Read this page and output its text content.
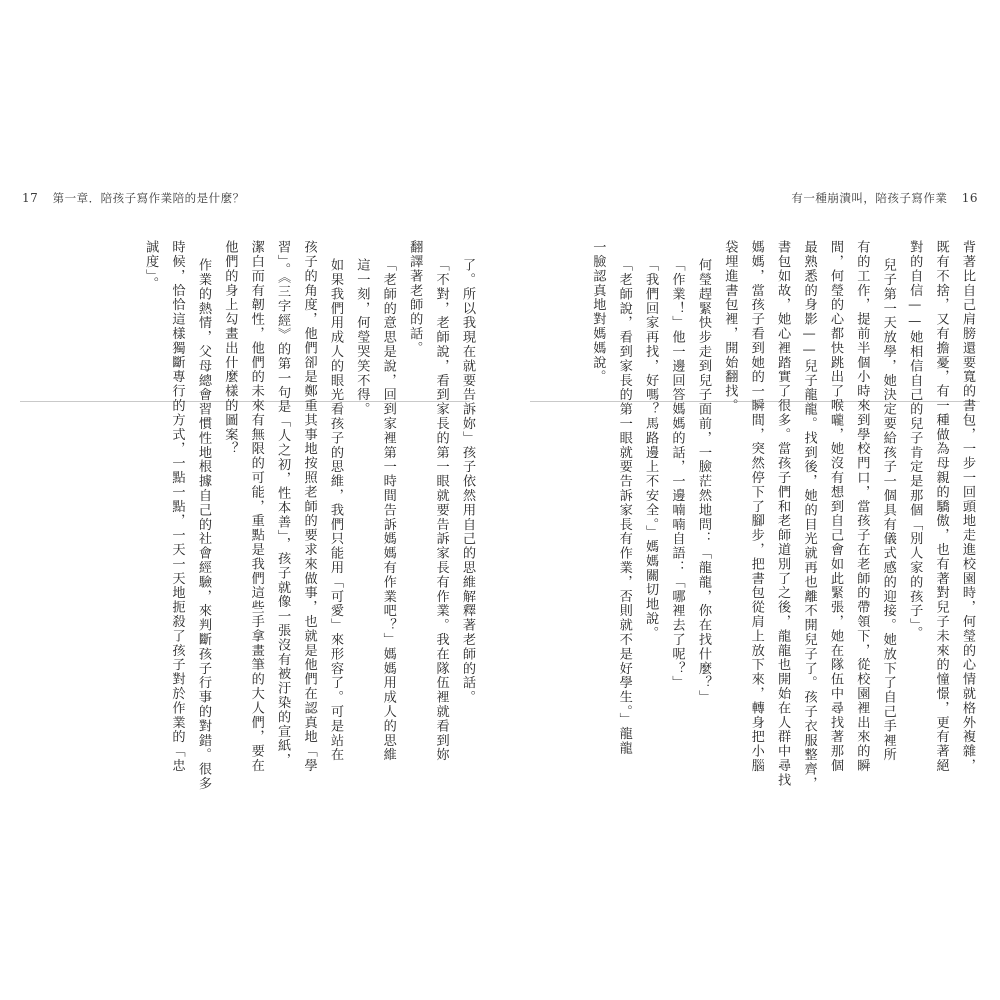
17 第一章．陪孩子寫作業陪的是什麼？	有一種崩潰叫，陪孩子寫作業 16

了。所以我現在就要告訴妳」孩子依然用自己的思維解釋著老師的話。

「不對，老師說，看到家長的第一眼就要告訴家長有作業。我在隊伍裡就看到妳

翻譯著老師的話。

「老師的意思是說，回到家裡第一時間告訴媽媽有作業吧？」媽媽用成人的思維

這一刻，何瑩哭笑不得。

如果我們用成人的眼光看孩子的思維，我們只能用「可愛」來形容了。可是站在

孩子的角度，他們卻是鄭重其事地按照老師的要求來做事，也就是他們在認真地「學

習」。《三字經》的第一句是「人之初，性本善」，孩子就像一張沒有被汙染的宣紙，

潔白而有韌性，他們的未來有無限的可能，重點是我們這些手拿畫筆的大人們，要在

他們的身上勾畫出什麼樣的圖案？

作業的熱情，父母總會習慣性地根據自己的社會經驗，來判斷孩子行事的對錯。很多

時候，恰恰這樣獨斷專行的方式，一點一點，一天一天地扼殺了孩子對於作業的「忠

誠度」。	背著比自己肩膀還要寬的書包，一步一回頭地走進校園時，何瑩的心情就格外複雜，

既有不捨，又有擔憂，有一種做為母親的驕傲，也有著對兒子未來的憧憬，更有著絕

對的自信——她相信自己的兒子肯定是那個「別人家的孩子」。

兒子第一天放學，她決定要給孩子一個具有儀式感的迎接。她放下了自己手裡所

有的工作，提前半個小時來到學校門口，當孩子在老師的帶領下，從校園裡出來的瞬

間，何瑩的心都快跳出了喉嚨，她沒有想到自己會如此緊張，她在隊伍中尋找著那個

最熟悉的身影——兒子龍龍。找到後，她的目光就再也離不開兒子了。孩子衣服整齊，

書包如故，她心裡踏實了很多。當孩子們和老師道別了之後，龍龍也開始在人群中尋找

媽媽，當孩子看到她的一瞬間，突然停下了腳步，把書包從肩上放下來，轉身把小腦

袋埋進書包裡，開始翻找。

何瑩趕緊快步走到兒子面前，一臉茫然地問：「龍龍，你在找什麼？」

「作業！」他一邊回答媽媽的話，一邊喃喃自語：「哪裡去了呢？」

「我們回家再找，好嗎？馬路邊上不安全。」媽媽關切地說。

「老師說，看到家長的第一眼就要告訴家長有作業，否則就不是好學生。」龍龍

一臉認真地對媽媽說。
